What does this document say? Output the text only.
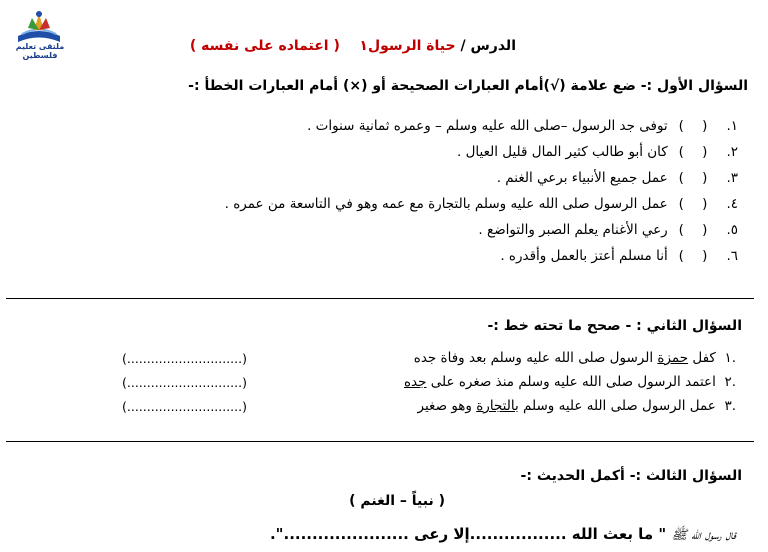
ملتقى تعليم فلسطين
الدرس / حياة الرسول١    ( اعتماده على نفسه )
السؤال الأول :- ضع علامة (√)أمام العبارات الصحيحة أو (×) أمام العبارات الخطأ :-
١.( ) توفى جد الرسول –صلى الله عليه وسلم – وعمره ثمانية سنوات .
٢.( ) كان أبو طالب كثير المال قليل العيال .
٣.( ) عمل جميع الأنبياء برعي الغنم .
٤.( ) عمل الرسول صلى الله عليه وسلم بالتجارة مع عمه وهو في التاسعة من عمره .
٥.( ) رعي الأغنام يعلم الصبر والتواضع .
٦.( ) أنا مسلم أعتز بالعمل وأقدره .
السؤال الثاني : - صحح ما تحته خط :-
.١  كفل حمزة الرسول صلى الله عليه وسلم بعد وفاة جده
(.............................)
.٢  اعتمد الرسول صلى الله عليه وسلم منذ صغره على جده
(.............................)
.٣  عمل الرسول صلى الله عليه وسلم بالتجارة وهو صغير
(.............................)
السؤال الثالث :- أكمل الحديث :-
( نبياً – الغنم )
قال رسول الله ﷺ " ما بعث الله .................إلا رعى ......................".
